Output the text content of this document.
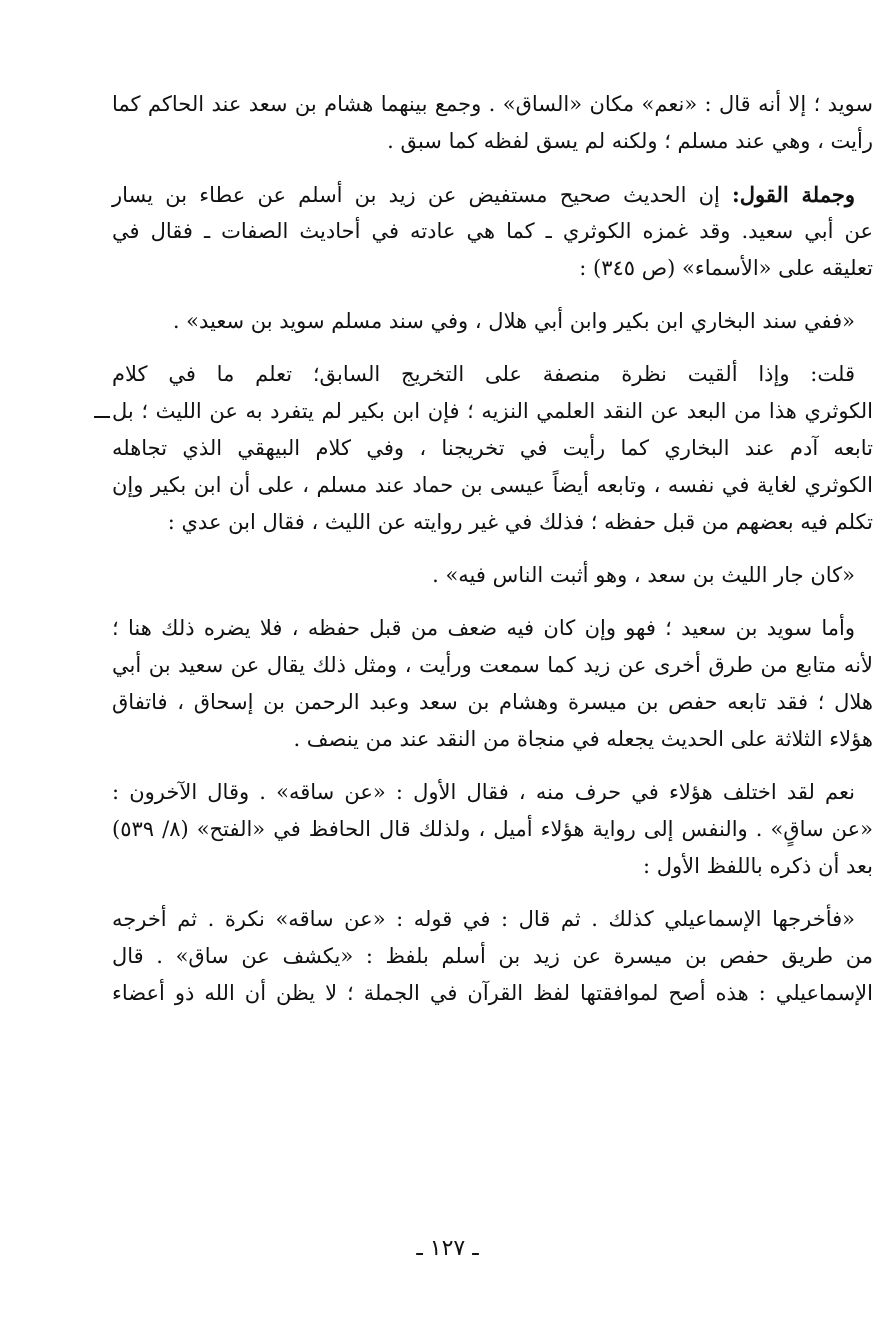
سويد ؛ إلا أنه قال : «نعم» مكان «الساق» . وجمع بينهما هشام بن سعد عند الحاكم كما
رأيت ، وهي عند مسلم ؛ ولكنه لم يسق لفظه كما سبق .
وجملة القول: إن الحديث صحيح مستفيض عن زيد بن أسلم عن عطاء بن يسار
عن أبي سعيد. وقد غمزه الكوثري ـ كما هي عادته في أحاديث الصفات ـ فقال في
تعليقه على «الأسماء» (ص ٣٤٥) :
«ففي سند البخاري ابن بكير وابن أبي هلال ، وفي سند مسلم سويد بن سعيد» .
قلت: وإذا ألقيت نظرة منصفة على التخريج السابق؛ تعلم ما في كلام
الكوثري هذا من البعد عن النقد العلمي النزيه ؛ فإن ابن بكير لم يتفرد به عن الليث ؛ بل
تابعه آدم عند البخاري كما رأيت في تخريجنا ، وفي كلام البيهقي الذي تجاهله
الكوثري لغاية في نفسه ، وتابعه أيضاً عيسى بن حماد عند مسلم ، على أن ابن بكير وإن
تكلم فيه بعضهم من قبل حفظه ؛ فذلك في غير روايته عن الليث ، فقال ابن عدي :
«كان جار الليث بن سعد ، وهو أثبت الناس فيه» .
وأما سويد بن سعيد ؛ فهو وإن كان فيه ضعف من قبل حفظه ، فلا يضره ذلك هنا ؛
لأنه متابع من طرق أخرى عن زيد كما سمعت ورأيت ، ومثل ذلك يقال عن سعيد بن أبي
هلال ؛ فقد تابعه حفص بن ميسرة وهشام بن سعد وعبد الرحمن بن إسحاق ، فاتفاق
هؤلاء الثلاثة على الحديث يجعله في منجاة من النقد عند من ينصف .
نعم لقد اختلف هؤلاء في حرف منه ، فقال الأول : «عن ساقه» . وقال الآخرون :
«عن ساقٍ» . والنفس إلى رواية هؤلاء أميل ، ولذلك قال الحافظ في «الفتح» (٨/ ٥٣٩)
بعد أن ذكره باللفظ الأول :
«فأخرجها الإسماعيلي كذلك . ثم قال : في قوله : «عن ساقه» نكرة . ثم أخرجه
من طريق حفص بن ميسرة عن زيد بن أسلم بلفظ : «يكشف عن ساق» . قال
الإسماعيلي : هذه أصح لموافقتها لفظ القرآن في الجملة ؛ لا يظن أن الله ذو أعضاء
ـ ١٢٧ ـ
